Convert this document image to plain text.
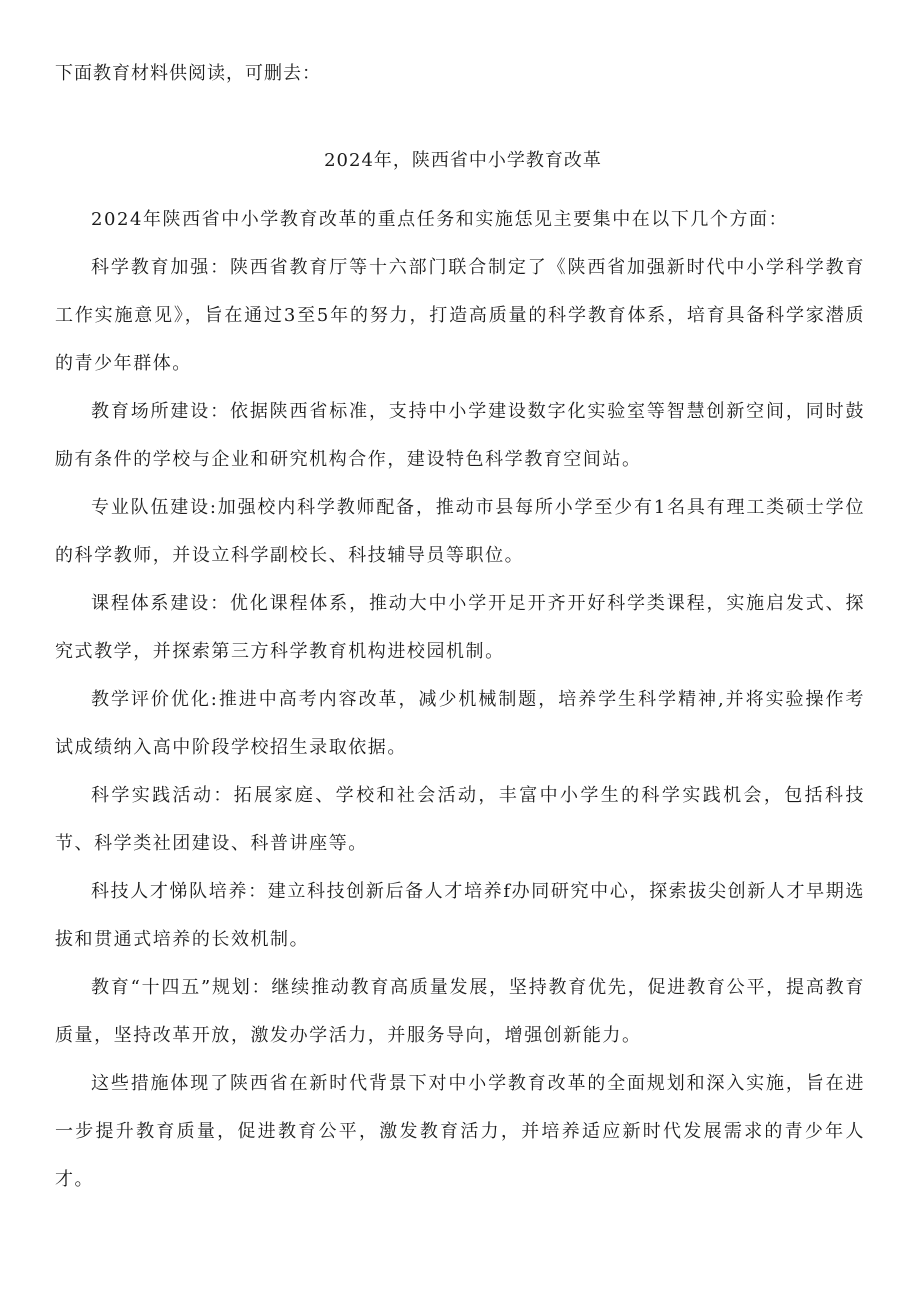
下面教育材料供阅读，可删去：

2024年，陕西省中小学教育改革

2024年陕西省中小学教育改革的重点任务和实施恁见主要集中在以下几个方面：

科学教育加强：陕西省教育厅等十六部门联合制定了《陕西省加强新时代中小学科学教育工作实施意见》，旨在通过3至5年的努力，打造高质量的科学教育体系，培育具备科学家潜质的青少年群体。

教育场所建设：依据陕西省标准，支持中小学建设数字化实验室等智慧创新空间，同时鼓励有条件的学校与企业和研究机构合作，建设特色科学教育空间站。

专业队伍建设:加强校内科学教师配备，推动市县每所小学至少有1名具有理工类硕士学位的科学教师，并设立科学副校长、科技辅导员等职位。

课程体系建设：优化课程体系，推动大中小学开足开齐开好科学类课程，实施启发式、探究式教学，并探索第三方科学教育机构进校园机制。

教学评价优化:推进中高考内容改革，减少机械制题，培养学生科学精神,并将实验操作考试成绩纳入高中阶段学校招生录取依据。

科学实践活动：拓展家庭、学校和社会活动，丰富中小学生的科学实践机会，包括科技节、科学类社团建设、科普讲座等。

科技人才悌队培养：建立科技创新后备人才培养f办同研究中心，探索拔尖创新人才早期选拔和贯通式培养的长效机制。

教育“十四五”规划：继续推动教育高质量发展，坚持教育优先，促进教育公平，提高教育质量，坚持改革开放，激发办学活力，并服务导向，增强创新能力。

这些措施体现了陕西省在新时代背景下对中小学教育改革的全面规划和深入实施，旨在进一步提升教育质量，促进教育公平，激发教育活力，并培养适应新时代发展需求的青少年人才。
